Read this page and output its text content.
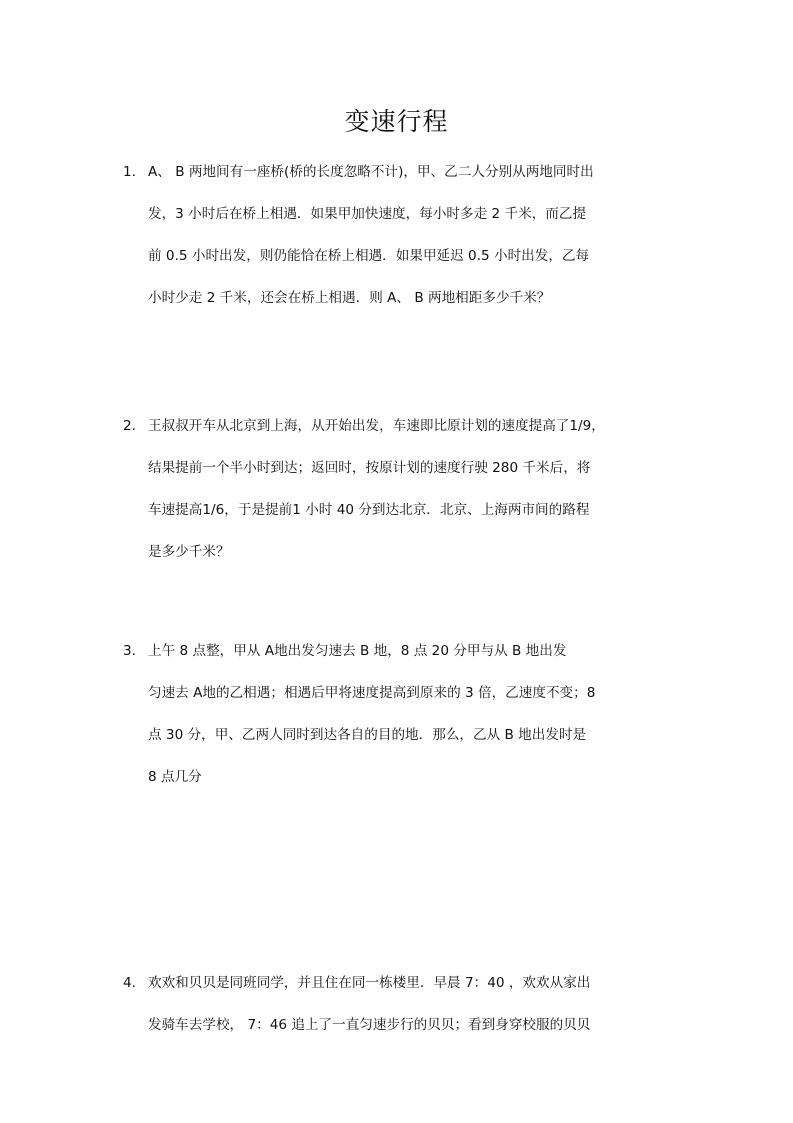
变速行程
1. A、 B 两地间有一座桥(桥的长度忽略不计)，甲、乙二人分别从两地同时出
发，3 小时后在桥上相遇．如果甲加快速度，每小时多走 2 千米，而乙提
前 0.5 小时出发，则仍能恰在桥上相遇．如果甲延迟 0.5 小时出发，乙每
小时少走 2 千米，还会在桥上相遇．则 A、 B 两地相距多少千米？
2. 王叔叔开车从北京到上海，从开始出发，车速即比原计划的速度提高了1/9，
结果提前一个半小时到达；返回时，按原计划的速度行驶 280 千米后，将
车速提高1/6，于是提前1 小时 40 分到达北京．北京、上海两市间的路程
是多少千米？
3. 上午 8 点整，甲从 A地出发匀速去 B 地，8 点 20 分甲与从 B 地出发
匀速去 A地的乙相遇；相遇后甲将速度提高到原来的 3 倍，乙速度不变；8
点 30 分，甲、乙两人同时到达各自的目的地．那么，乙从 B 地出发时是
8 点几分
4. 欢欢和贝贝是同班同学，并且住在同一栋楼里．早晨 7：40 ，欢欢从家出
发骑车去学校， 7：46 追上了一直匀速步行的贝贝；看到身穿校服的贝贝
